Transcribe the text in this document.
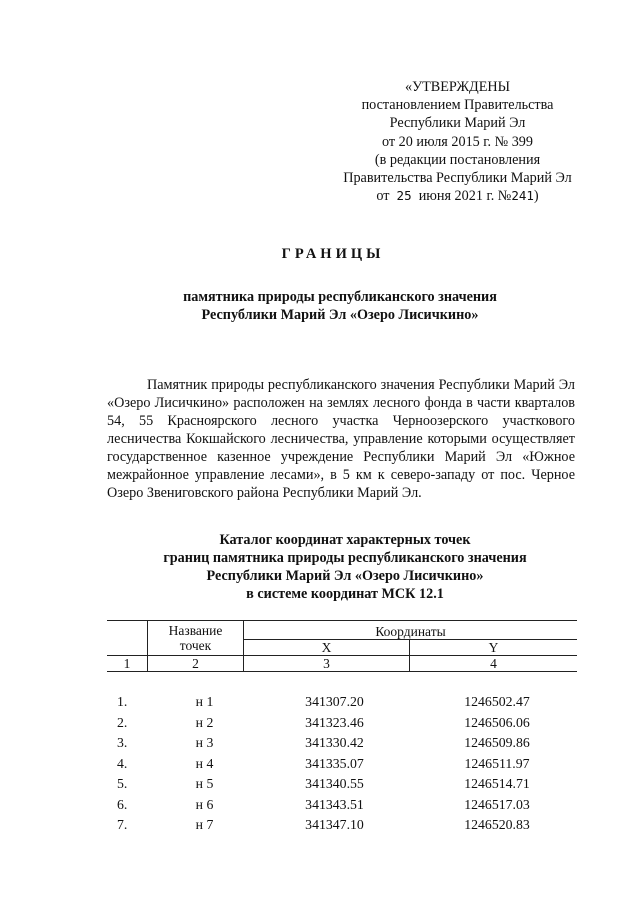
«УТВЕРЖДЕНЫ
постановлением Правительства
Республики Марий Эл
от 20 июля 2015 г. № 399
(в редакции постановления
Правительства Республики Марий Эл
от 25 июня 2021 г. №241)
ГРАНИЦЫ
памятника природы республиканского значения
Республики Марий Эл «Озеро Лисичкино»

Памятник природы республиканского значения Республики Марий Эл «Озеро Лисичкино» расположен на землях лесного фонда в части кварталов 54, 55 Красноярского лесного участка Черноозерского участкового лесничества Кокшайского лесничества, управление которыми осуществляет государственное казенное учреждение Республики Марий Эл «Южное межрайонное управление лесами», в 5 км к северо-западу от пос. Черное Озеро Звениговского района Республики Марий Эл.

Каталог координат характерных точек
границ памятника природы республиканского значения
Республики Марий Эл «Озеро Лисичкино»
в системе координат МСК 12.1

	Название
точек	Координаты	
		X	Y
1	2	3	4
1.	н 1	341307.20	1246502.47
2.	н 2	341323.46	1246506.06
3.	н 3	341330.42	1246509.86
4.	н 4	341335.07	1246511.97
5.	н 5	341340.55	1246514.71
6.	н 6	341343.51	1246517.03
7.	н 7	341347.10	1246520.83
